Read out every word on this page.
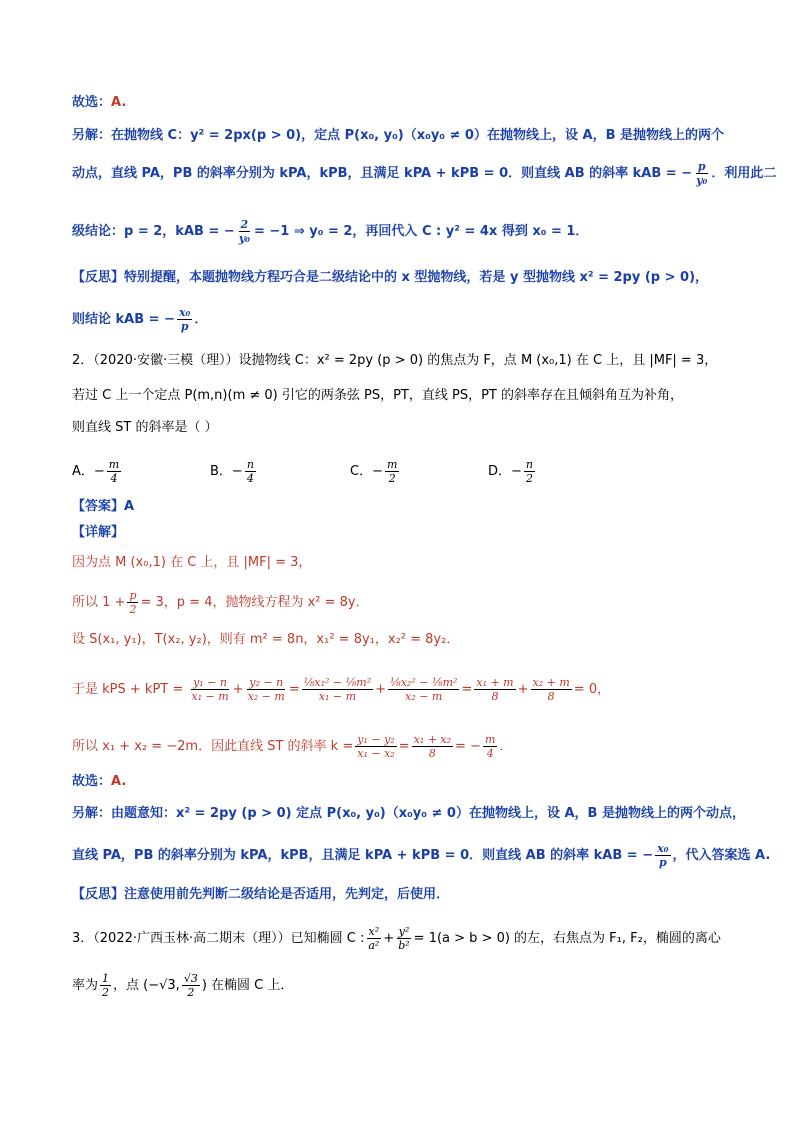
故选：A.
另解：在抛物线 C：y² = 2px(p > 0)，定点 P(x₀, y₀)（x₀y₀ ≠ 0）在抛物线上，设 A，B 是抛物线上的两个
动点，直线 PA，PB 的斜率分别为 kPA，kPB，且满足 kPA + kPB = 0．则直线 AB 的斜率 kAB = − $\frac{p}{\text{y₀}}$ ．利用此二
级结论：p = 2，kAB = − $\frac{2}{\text{y₀}} = -1$ ⇒ y₀ = 2，再回代入 C : y² = 4x 得到 x₀ = 1．
【反思】特别提醒，本题抛物线方程巧合是二级结论中的 x 型抛物线，若是 y 型抛物线 x² = 2py (p > 0)，
则结论 kAB = − $\frac{\text{x₀}}{p}$ ．
2．（2020·安徽·三模（理））设抛物线 C：x² = 2py (p > 0) 的焦点为 F，点 M (x₀,1) 在 C 上，且 |MF| = 3，
若过 C 上一个定点 P(m,n)(m ≠ 0) 引它的两条弦 PS，PT，直线 PS，PT 的斜率存在且倾斜角互为补角，
则直线 ST 的斜率是（ ）
A．− $\frac{m}{4}$	B．− $\frac{n}{4}$	C．− $\frac{m}{2}$	D．− $\frac{n}{2}$
【答案】A
【详解】
因为点 M (x₀,1) 在 C 上，且 |MF| = 3，
所以 $1 + \frac{p}{2} = 3$，p = 4，抛物线方程为 x² = 8y．
设 S(x₁, y₁)，T(x₂, y₂)，则有 m² = 8n，x₁² = 8y₁，x₂² = 8y₂．
于是 kPS + kPT = $\frac{\text{y₁ − n}}{\text{x₁ − m}} + \frac{\text{y₂ − n}}{\text{x₂ − m}} = \frac{\text{⅛x₁² − ⅛m²}}{\text{x₁ − m}} + \frac{\text{⅛x₂² − ⅛m²}}{\text{x₂ − m}} = \frac{\text{x₁ + m}}{8} + \frac{\text{x₂ + m}}{8} = 0$，
所以 x₁ + x₂ = −2m．因此直线 ST 的斜率 $k = \frac{\text{y₁ − y₂}}{\text{x₁ − x₂}} = \frac{\text{x₁ + x₂}}{8}$ = − $\frac{m}{4}$ ．
故选：A.
另解：由题意知：x² = 2py (p > 0) 定点 P(x₀, y₀)（x₀y₀ ≠ 0）在抛物线上，设 A，B 是抛物线上的两个动点，
直线 PA，PB 的斜率分别为 kPA，kPB，且满足 kPA + kPB = 0．则直线 AB 的斜率 kAB = − $\frac{\text{x₀}}{p}$ ，代入答案选 A.
【反思】注意使用前先判断二级结论是否适用，先判定，后使用．
3．（2022·广西玉林·高二期末（理））已知椭圆 C : $\frac{\text{x²}}{\text{a²}} + \frac{\text{y²}}{\text{b²}} = 1(a > b > 0)$ 的左，右焦点为 F₁, F₂，椭圆的离心
率为 $\frac{1}{2}$ ，点 (−√3, $\frac{√3}{2}$ ) 在椭圆 C 上．
